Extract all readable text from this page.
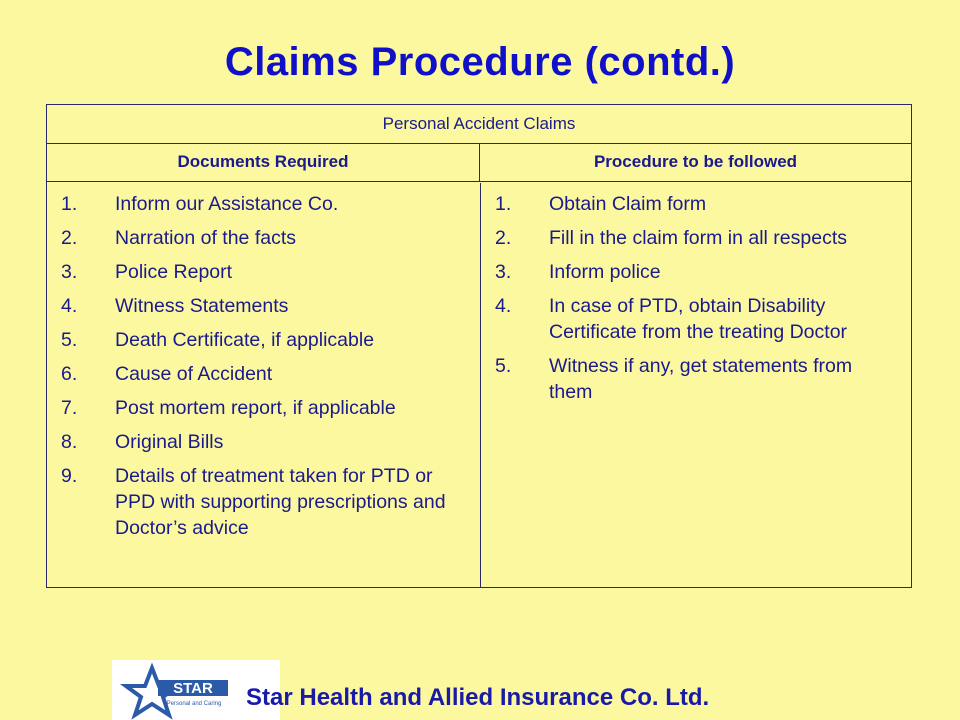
Claims Procedure (contd.)
Personal Accident Claims
Documents Required	Procedure to be followed
1.	Inform our Assistance Co.
2.	Narration of the facts
3.	Police Report
4.	Witness Statements
5.	Death Certificate, if applicable
6.	Cause of Accident
7.	Post mortem report, if applicable
8.	Original Bills
9.	Details of treatment taken for PTD or PPD with supporting prescriptions and Doctor’s advice
1.	Obtain Claim form
2.	Fill in the claim form in all respects
3.	Inform police
4.	In case of PTD, obtain Disability Certificate from the treating Doctor
5.	Witness if any, get statements from them
STAR
Personal and Caring Star Health and Allied Insurance Co. Ltd.
